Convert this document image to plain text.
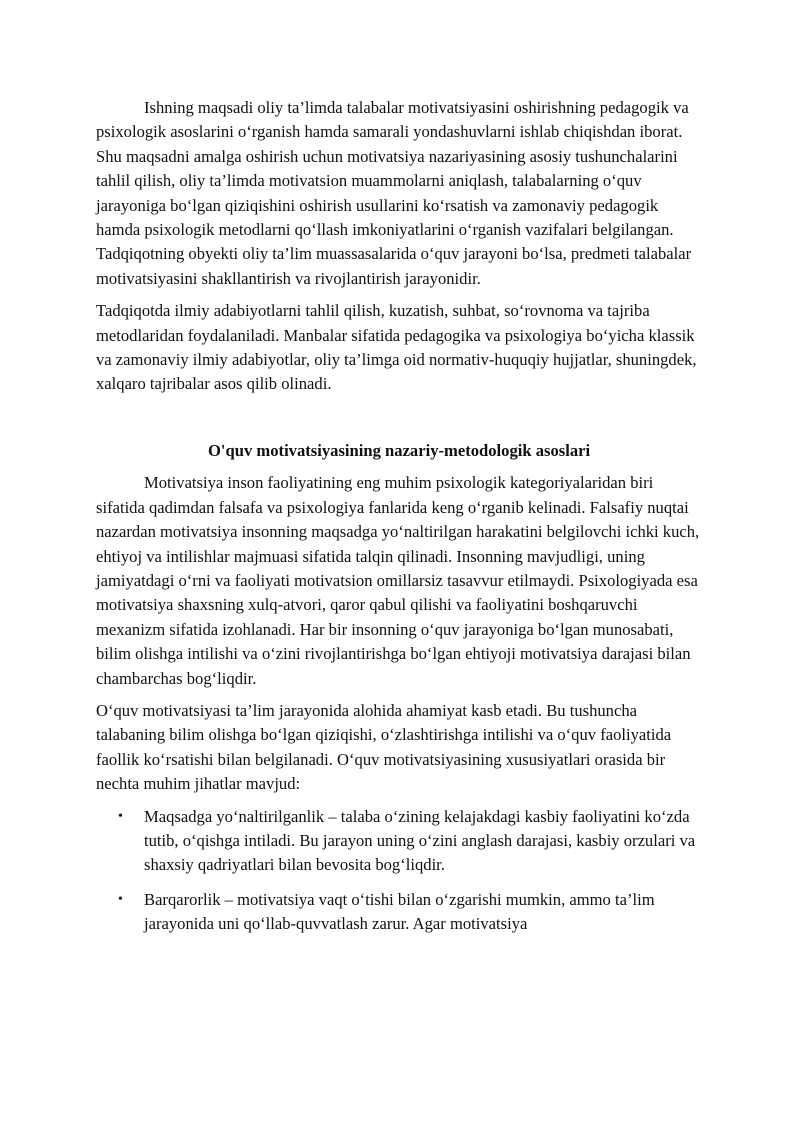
Ishning maqsadi oliy ta’limda talabalar motivatsiyasini oshirishning pedagogik va psixologik asoslarini o‘rganish hamda samarali yondashuvlarni ishlab chiqishdan iborat. Shu maqsadni amalga oshirish uchun motivatsiya nazariyasining asosiy tushunchalarini tahlil qilish, oliy ta’limda motivatsion muammolarni aniqlash, talabalarning o‘quv jarayoniga bo‘lgan qiziqishini oshirish usullarini ko‘rsatish va zamonaviy pedagogik hamda psixologik metodlarni qo‘llash imkoniyatlarini o‘rganish vazifalari belgilangan. Tadqiqotning obyekti oliy ta’lim muassasalarida o‘quv jarayoni bo‘lsa, predmeti talabalar motivatsiyasini shakllantirish va rivojlantirish jarayonidir.

Tadqiqotda ilmiy adabiyotlarni tahlil qilish, kuzatish, suhbat, so‘rovnoma va tajriba metodlaridan foydalaniladi. Manbalar sifatida pedagogika va psixologiya bo‘yicha klassik va zamonaviy ilmiy adabiyotlar, oliy ta’limga oid normativ-huquqiy hujjatlar, shuningdek, xalqaro tajribalar asos qilib olinadi.

O'quv motivatsiyasining nazariy-metodologik asoslari

Motivatsiya inson faoliyatining eng muhim psixologik kategoriyalaridan biri sifatida qadimdan falsafa va psixologiya fanlarida keng o‘rganib kelinadi. Falsafiy nuqtai nazardan motivatsiya insonning maqsadga yo‘naltirilgan harakatini belgilovchi ichki kuch, ehtiyoj va intilishlar majmuasi sifatida talqin qilinadi. Insonning mavjudligi, uning jamiyatdagi o‘rni va faoliyati motivatsion omillarsiz tasavvur etilmaydi. Psixologiyada esa motivatsiya shaxsning xulq-atvori, qaror qabul qilishi va faoliyatini boshqaruvchi mexanizm sifatida izohlanadi. Har bir insonning o‘quv jarayoniga bo‘lgan munosabati, bilim olishga intilishi va o‘zini rivojlantirishga bo‘lgan ehtiyoji motivatsiya darajasi bilan chambarchas bog‘liqdir.

O‘quv motivatsiyasi ta’lim jarayonida alohida ahamiyat kasb etadi. Bu tushuncha talabaning bilim olishga bo‘lgan qiziqishi, o‘zlashtirishga intilishi va o‘quv faoliyatida faollik ko‘rsatishi bilan belgilanadi. O‘quv motivatsiyasining xususiyatlari orasida bir nechta muhim jihatlar mavjud:

• Maqsadga yo‘naltirilganlik – talaba o‘zining kelajakdagi kasbiy faoliyatini ko‘zda tutib, o‘qishga intiladi. Bu jarayon uning o‘zini anglash darajasi, kasbiy orzulari va shaxsiy qadriyatlari bilan bevosita bog‘liqdir.
• Barqarorlik – motivatsiya vaqt o‘tishi bilan o‘zgarishi mumkin, ammo ta’lim jarayonida uni qo‘llab-quvvatlash zarur. Agar motivatsiya
